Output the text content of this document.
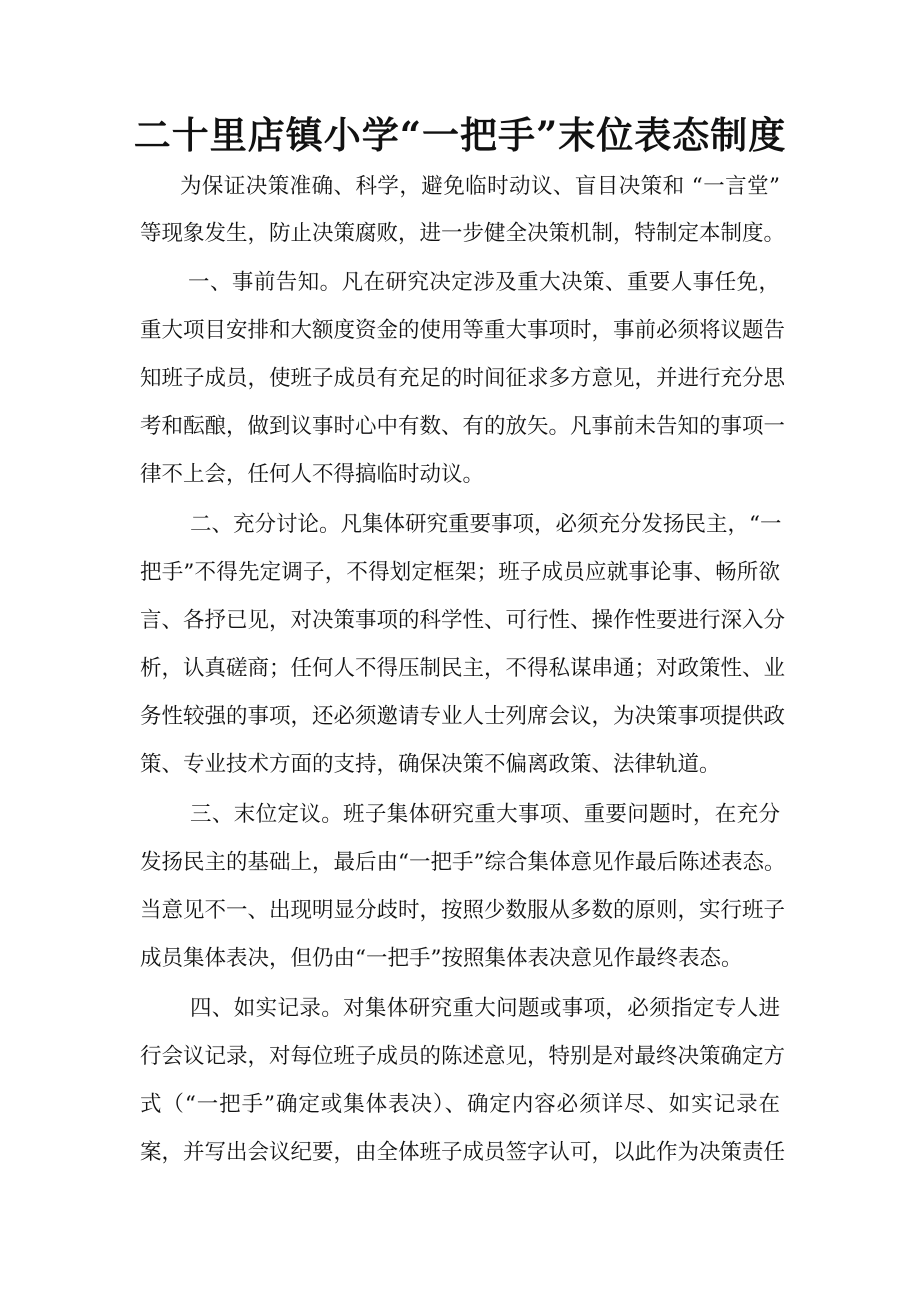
二十里店镇小学“一把手”末位表态制度

为保证决策准确、科学，避免临时动议、盲目决策和 “一言堂”

等现象发生，防止决策腐败，进一步健全决策机制，特制定本制度。

一、事前告知。凡在研究决定涉及重大决策、重要人事任免，

重大项目安排和大额度资金的使用等重大事项时，事前必须将议题告

知班子成员，使班子成员有充足的时间征求多方意见，并进行充分思

考和酝酿，做到议事时心中有数、有的放矢。凡事前未告知的事项一

律不上会，任何人不得搞临时动议。

二、充分讨论。凡集体研究重要事项，必须充分发扬民主，“一

把手”不得先定调子，不得划定框架；班子成员应就事论事、畅所欲

言、各抒已见，对决策事项的科学性、可行性、操作性要进行深入分

析，认真磋商；任何人不得压制民主，不得私谋串通；对政策性、业

务性较强的事项，还必须邀请专业人士列席会议，为决策事项提供政

策、专业技术方面的支持，确保决策不偏离政策、法律轨道。

三、末位定议。班子集体研究重大事项、重要问题时，在充分

发扬民主的基础上，最后由“一把手”综合集体意见作最后陈述表态。

当意见不一、出现明显分歧时，按照少数服从多数的原则，实行班子

成员集体表决，但仍由“一把手”按照集体表决意见作最终表态。

四、如实记录。对集体研究重大问题或事项，必须指定专人进

行会议记录，对每位班子成员的陈述意见，特别是对最终决策确定方

式（“一把手”确定或集体表决）、确定内容必须详尽、如实记录在

案，并写出会议纪要，由全体班子成员签字认可，以此作为决策责任
